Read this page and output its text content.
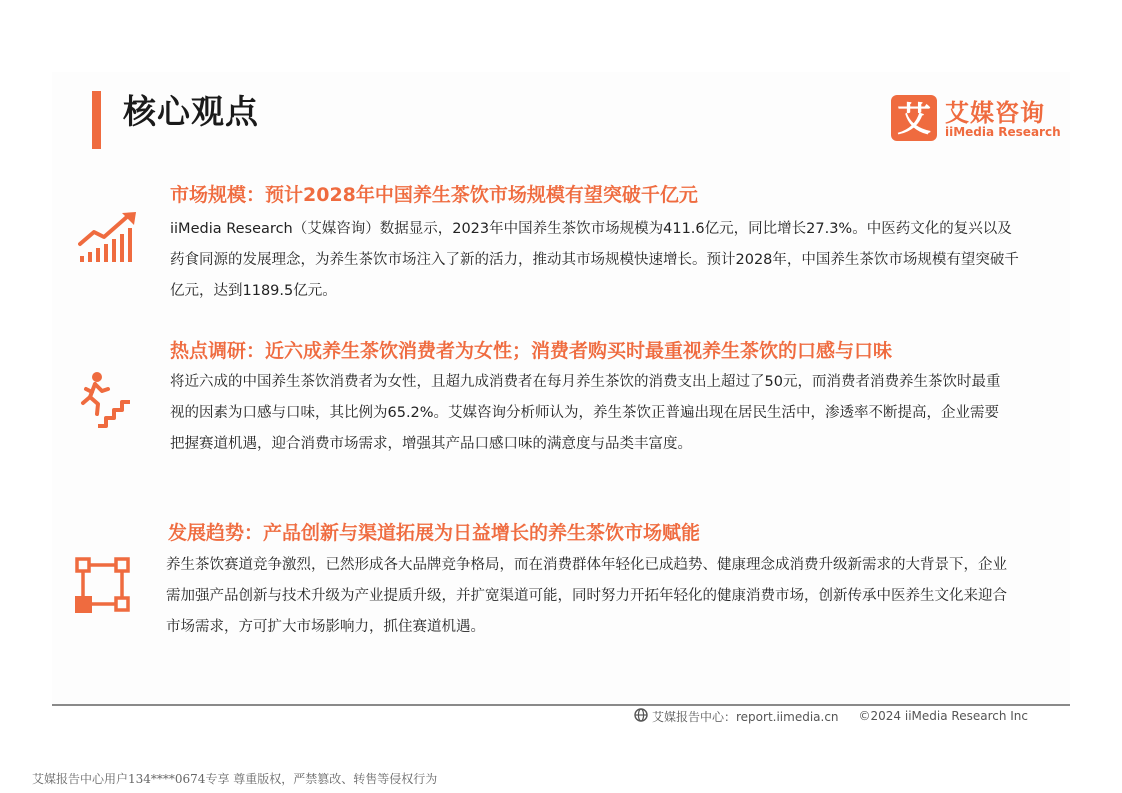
核心观点	艾 艾媒咨询
iiMedia Research
市场规模：预计2028年中国养生茶饮市场规模有望突破千亿元

iiMedia Research（艾媒咨询）数据显示，2023年中国养生茶饮市场规模为411.6亿元，同比增长27.3%。中医药文化的复兴以及药食同源的发展理念，为养生茶饮市场注入了新的活力，推动其市场规模快速增长。预计2028年，中国养生茶饮市场规模有望突破千亿元，达到1189.5亿元。

热点调研：近六成养生茶饮消费者为女性；消费者购买时最重视养生茶饮的口感与口味

将近六成的中国养生茶饮消费者为女性，且超九成消费者在每月养生茶饮的消费支出上超过了50元，而消费者消费养生茶饮时最重视的因素为口感与口味，其比例为65.2%。艾媒咨询分析师认为，养生茶饮正普遍出现在居民生活中，渗透率不断提高，企业需要把握赛道机遇，迎合消费市场需求，增强其产品口感口味的满意度与品类丰富度。

发展趋势：产品创新与渠道拓展为日益增长的养生茶饮市场赋能

养生茶饮赛道竞争激烈，已然形成各大品牌竞争格局，而在消费群体年轻化已成趋势、健康理念成消费升级新需求的大背景下，企业需加强产品创新与技术升级为产业提质升级，并扩宽渠道可能，同时努力开拓年轻化的健康消费市场，创新传承中医养生文化来迎合市场需求，方可扩大市场影响力，抓住赛道机遇。

艾媒报告中心：report.iimedia.cn ©2024 iiMedia Research Inc
艾媒报告中心用户134****0674专享 尊重版权，严禁篡改、转售等侵权行为
